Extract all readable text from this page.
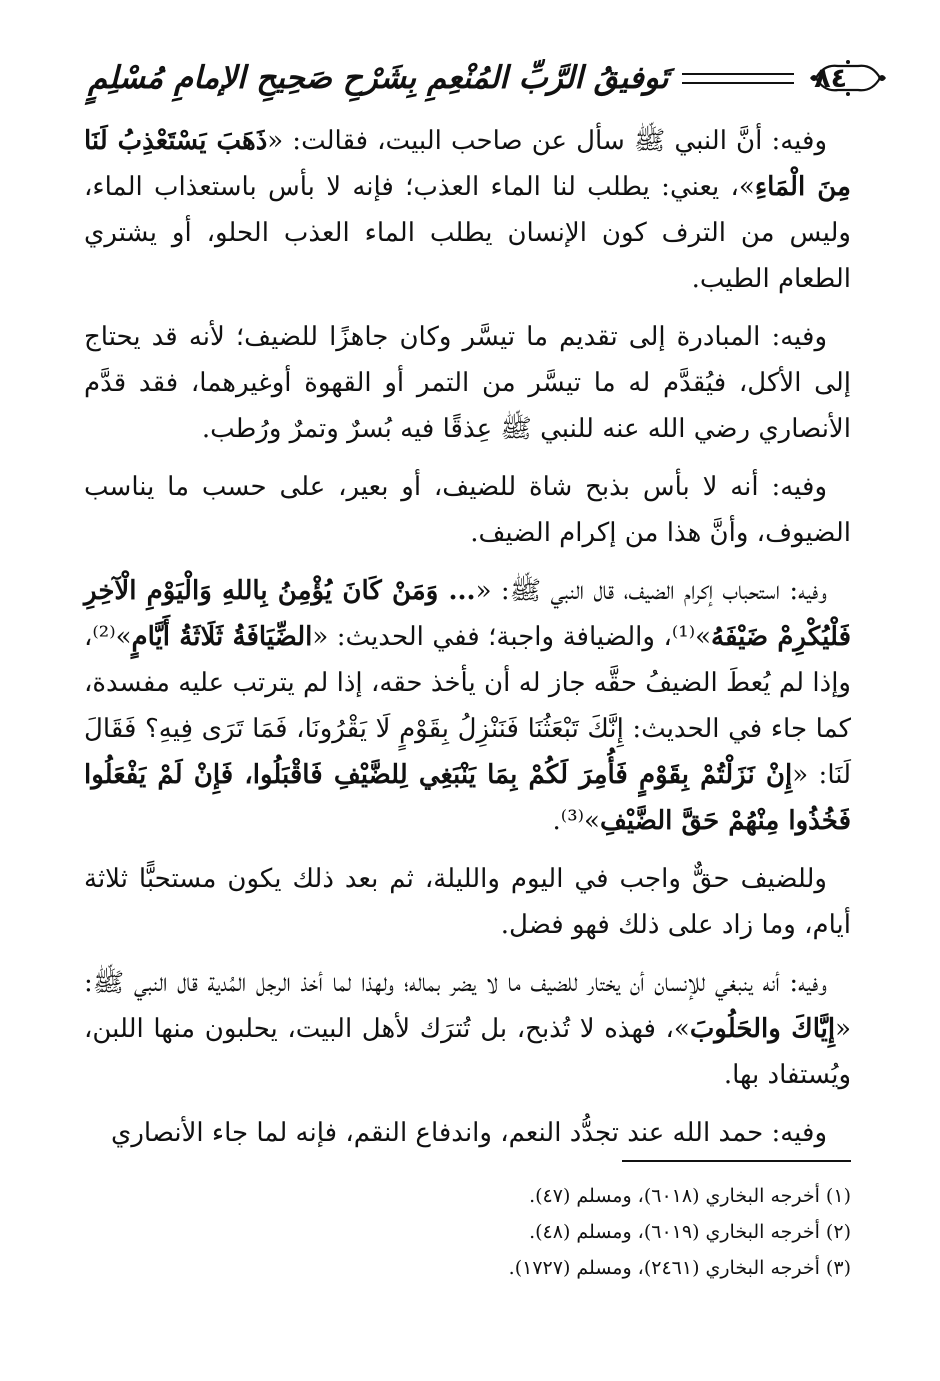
٨٤
تَوفيقُ الرَّبِّ المُنْعِمِ بِشَرْحِ صَحِيحِ الإمامِ مُسْلِمٍ

وفيه: أنَّ النبي ﷺ سأل عن صاحب البيت، فقالت: «ذَهَبَ يَسْتَعْذِبُ لَنَا مِنَ الْمَاءِ»، يعني: يطلب لنا الماء العذب؛ فإنه لا بأس باستعذاب الماء، وليس من الترف كون الإنسان يطلب الماء العذب الحلو، أو يشتري الطعام الطيب.

وفيه: المبادرة إلى تقديم ما تيسَّر وكان جاهزًا للضيف؛ لأنه قد يحتاج إلى الأكل، فيُقدَّم له ما تيسَّر من التمر أو القهوة أوغيرهما، فقد قدَّم الأنصاري رضي الله عنه للنبي ﷺ عِذقًا فيه بُسرٌ وتمرٌ ورُطب.

وفيه: أنه لا بأس بذبح شاة للضيف، أو بعير، على حسب ما يناسب الضيوف، وأنَّ هذا من إكرام الضيف.

وفيه: استحباب إكرام الضيف، قال النبي ﷺ: «... وَمَنْ كَانَ يُؤْمِنُ بِاللهِ وَالْيَوْمِ الْآخِرِ فَلْيُكْرِمْ ضَيْفَهُ»⁽¹⁾، والضيافة واجبة؛ ففي الحديث: «الضِّيَافَةُ ثَلَاثَةُ أَيَّامٍ»⁽²⁾، وإذا لم يُعطَ الضيفُ حقَّه جاز له أن يأخذ حقه، إذا لم يترتب عليه مفسدة، كما جاء في الحديث: إِنَّكَ تَبْعَثُنَا فَنَنْزِلُ بِقَوْمٍ لَا يَقْرُونَا، فَمَا تَرَى فِيهِ؟ فَقَالَ لَنَا: «إِنْ نَزَلْتُمْ بِقَوْمٍ فَأُمِرَ لَكُمْ بِمَا يَنْبَغِي لِلضَّيْفِ فَاقْبَلُوا، فَإِنْ لَمْ يَفْعَلُوا فَخُذُوا مِنْهُمْ حَقَّ الضَّيْفِ»⁽³⁾.

وللضيف حقٌّ واجب في اليوم والليلة، ثم بعد ذلك يكون مستحبًّا ثلاثة أيام، وما زاد على ذلك فهو فضل.

وفيه: أنه ينبغي للإنسان أن يختار للضيف ما لا يضر بماله؛ ولهذا لما أخذ الرجل المُدية قال النبي ﷺ: «إِيَّاكَ والحَلُوبَ»، فهذه لا تُذبح، بل تُترَك لأهل البيت، يحلبون منها اللبن، ويُستفاد بها.

وفيه: حمد الله عند تجدُّد النعم، واندفاع النقم، فإنه لما جاء الأنصاري

(١) أخرجه البخاري (٦٠١٨)، ومسلم (٤٧).

(٢) أخرجه البخاري (٦٠١٩)، ومسلم (٤٨).

(٣) أخرجه البخاري (٢٤٦١)، ومسلم (١٧٢٧).
